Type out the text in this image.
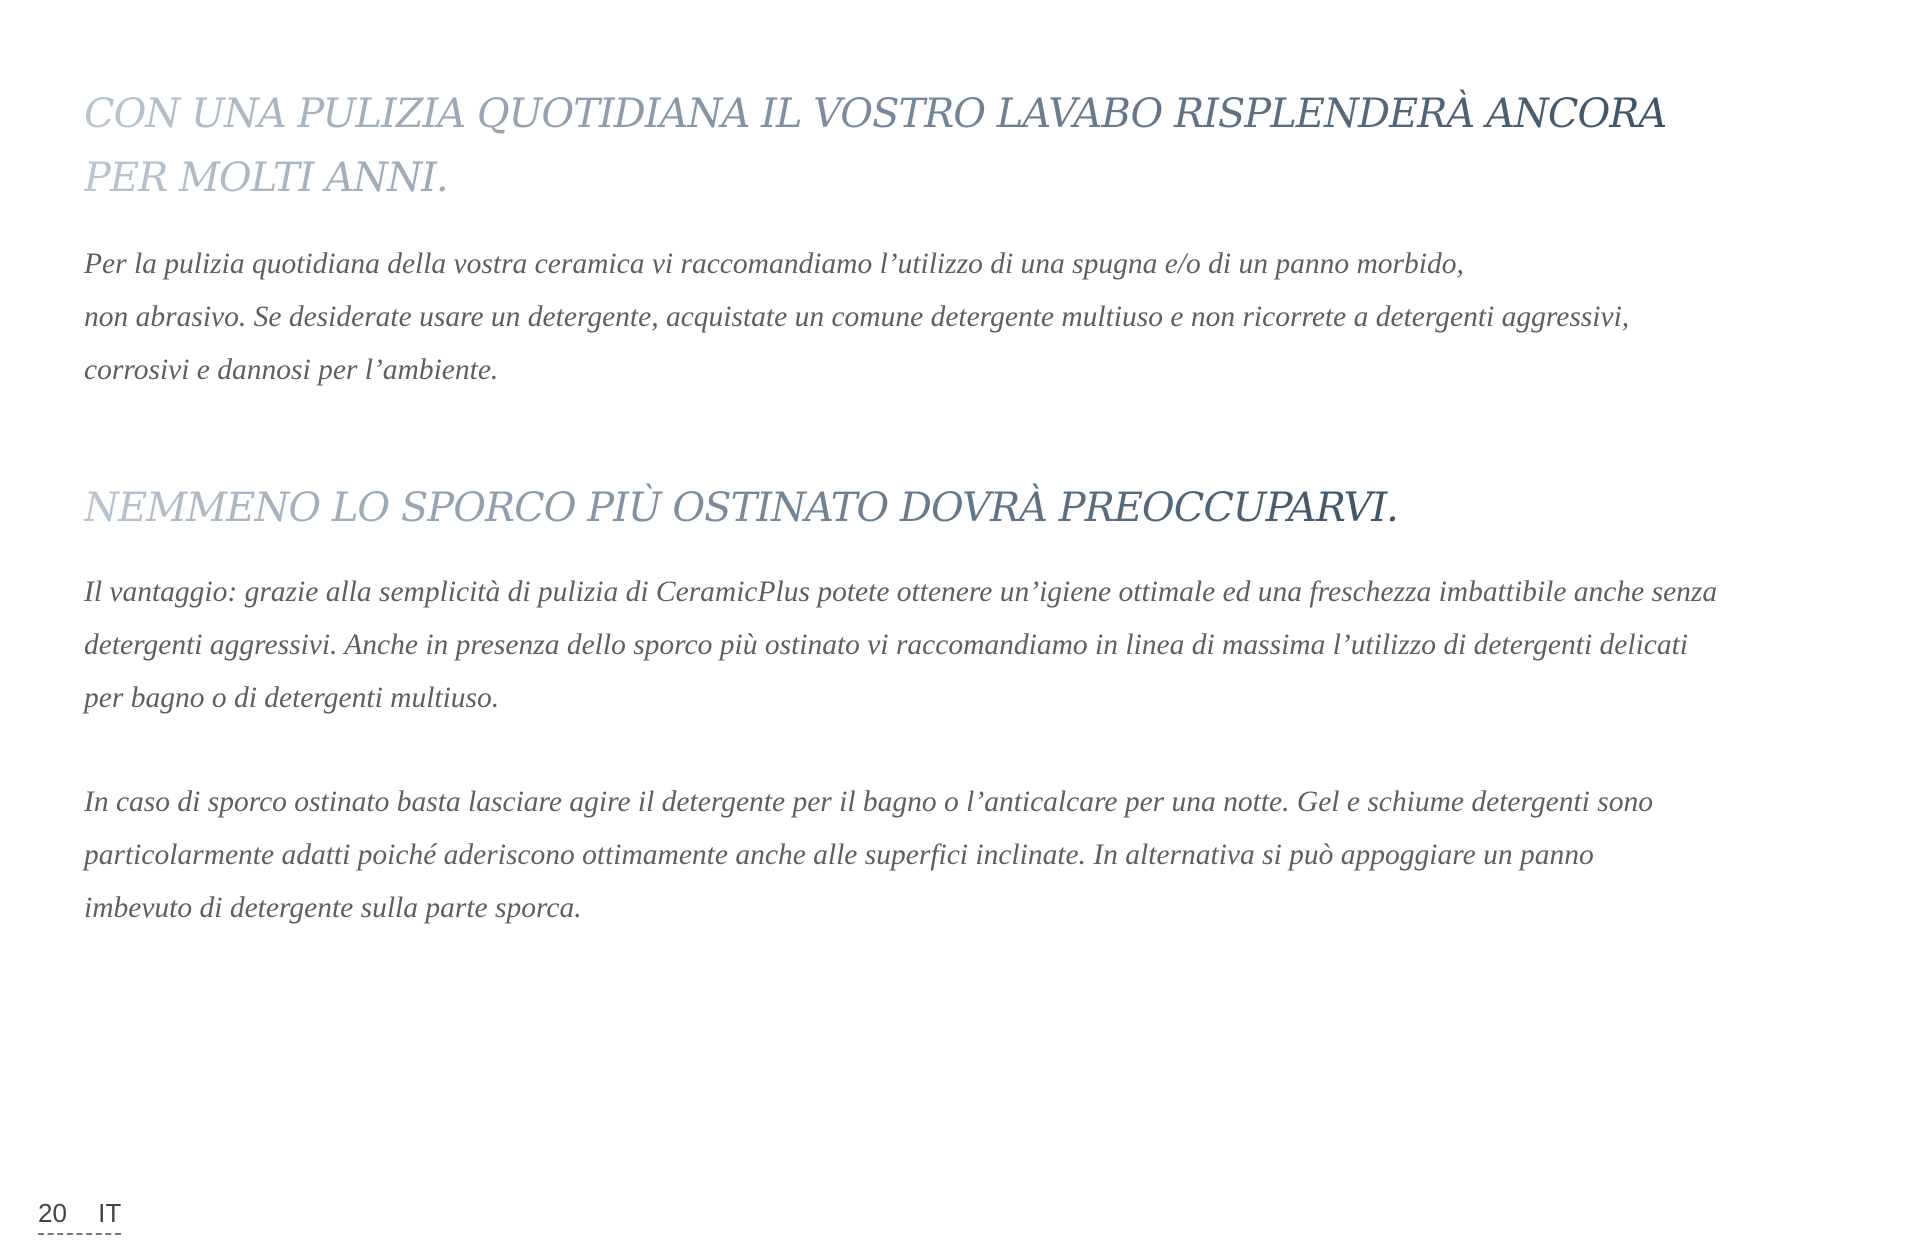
CON UNA PULIZIA QUOTIDIANA IL VOSTRO LAVABO RISPLENDERÀ ANCORA
PER MOLTI ANNI.

Per la pulizia quotidiana della vostra ceramica vi raccomandiamo l’utilizzo di una spugna e/o di un panno morbido,
non abrasivo. Se desiderate usare un detergente, acquistate un comune detergente multiuso e non ricorrete a detergenti aggressivi,
corrosivi e dannosi per l’ambiente.

NEMMENO LO SPORCO PIÙ OSTINATO DOVRÀ PREOCCUPARVI.

Il vantaggio: grazie alla semplicità di pulizia di CeramicPlus potete ottenere un’igiene ottimale ed una freschezza imbattibile anche senza
detergenti aggressivi. Anche in presenza dello sporco più ostinato vi raccomandiamo in linea di massima l’utilizzo di detergenti delicati
per bagno o di detergenti multiuso.

In caso di sporco ostinato basta lasciare agire il detergente per il bagno o l’anticalcare per una notte. Gel e schiume detergenti sono
particolarmente adatti poiché aderiscono ottimamente anche alle superfici inclinate. In alternativa si può appoggiare un panno
imbevuto di detergente sulla parte sporca.

20 IT
